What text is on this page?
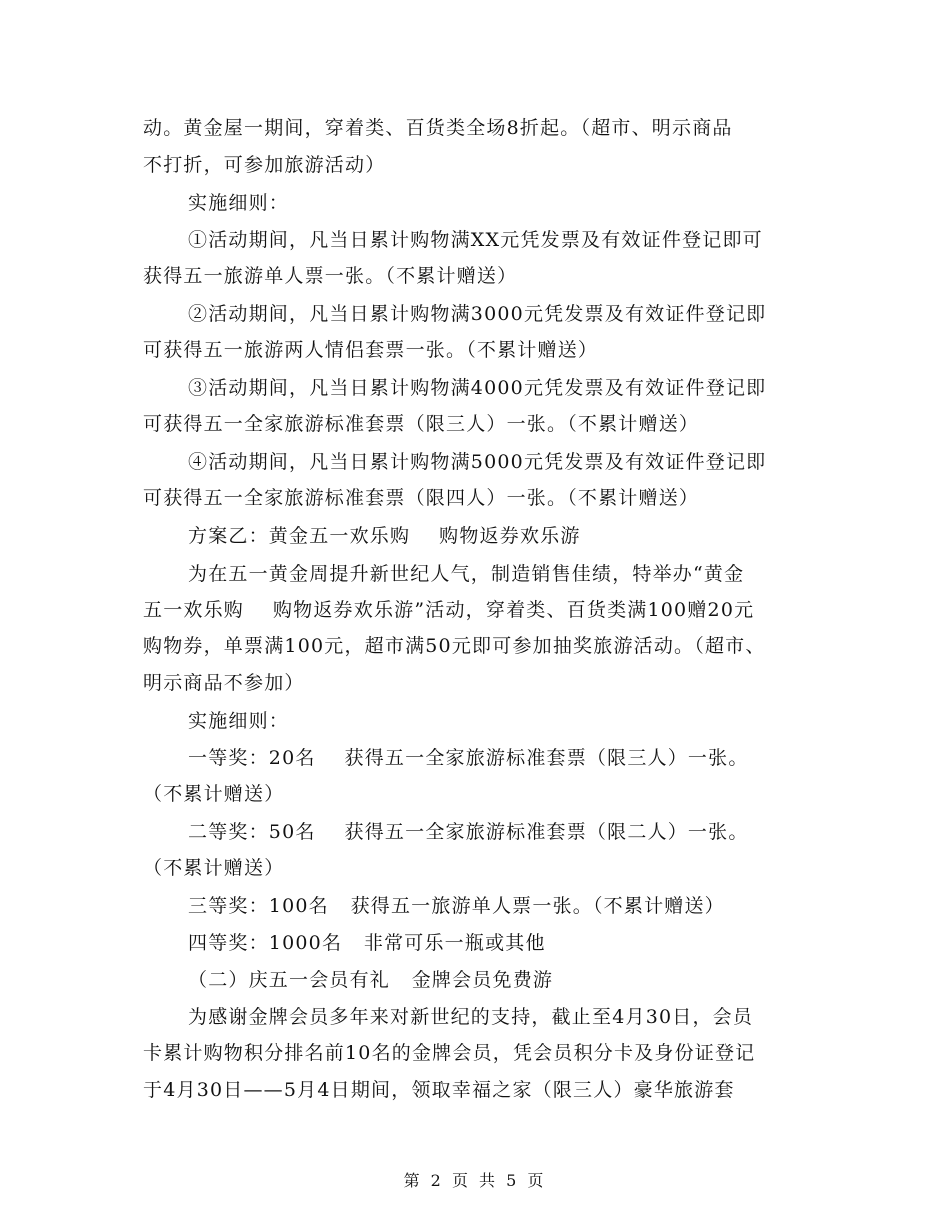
动。黄金屋一期间，穿着类、百货类全场8折起。（超市、明示商品
不打折，可参加旅游活动）
实施细则：
①活动期间，凡当日累计购物满XX元凭发票及有效证件登记即可
获得五一旅游单人票一张。（不累计赠送）
②活动期间，凡当日累计购物满3000元凭发票及有效证件登记即
可获得五一旅游两人情侣套票一张。（不累计赠送）
③活动期间，凡当日累计购物满4000元凭发票及有效证件登记即
可获得五一全家旅游标准套票（限三人）一张。（不累计赠送）
④活动期间，凡当日累计购物满5000元凭发票及有效证件登记即
可获得五一全家旅游标准套票（限四人）一张。（不累计赠送）
方案乙：黄金五一欢乐购    购物返券欢乐游
为在五一黄金周提升新世纪人气，制造销售佳绩，特举办“黄金
五一欢乐购    购物返券欢乐游”活动，穿着类、百货类满100赠20元
购物券，单票满100元，超市满50元即可参加抽奖旅游活动。（超市、
明示商品不参加）
实施细则：
一等奖：20名    获得五一全家旅游标准套票（限三人）一张。
（不累计赠送）
二等奖：50名    获得五一全家旅游标准套票（限二人）一张。
（不累计赠送）
三等奖：100名   获得五一旅游单人票一张。（不累计赠送）
四等奖：1000名   非常可乐一瓶或其他
（二）庆五一会员有礼   金牌会员免费游
为感谢金牌会员多年来对新世纪的支持，截止至4月30日，会员
卡累计购物积分排名前10名的金牌会员，凭会员积分卡及身份证登记
于4月30日——5月4日期间，领取幸福之家（限三人）豪华旅游套
第 2 页 共 5 页
